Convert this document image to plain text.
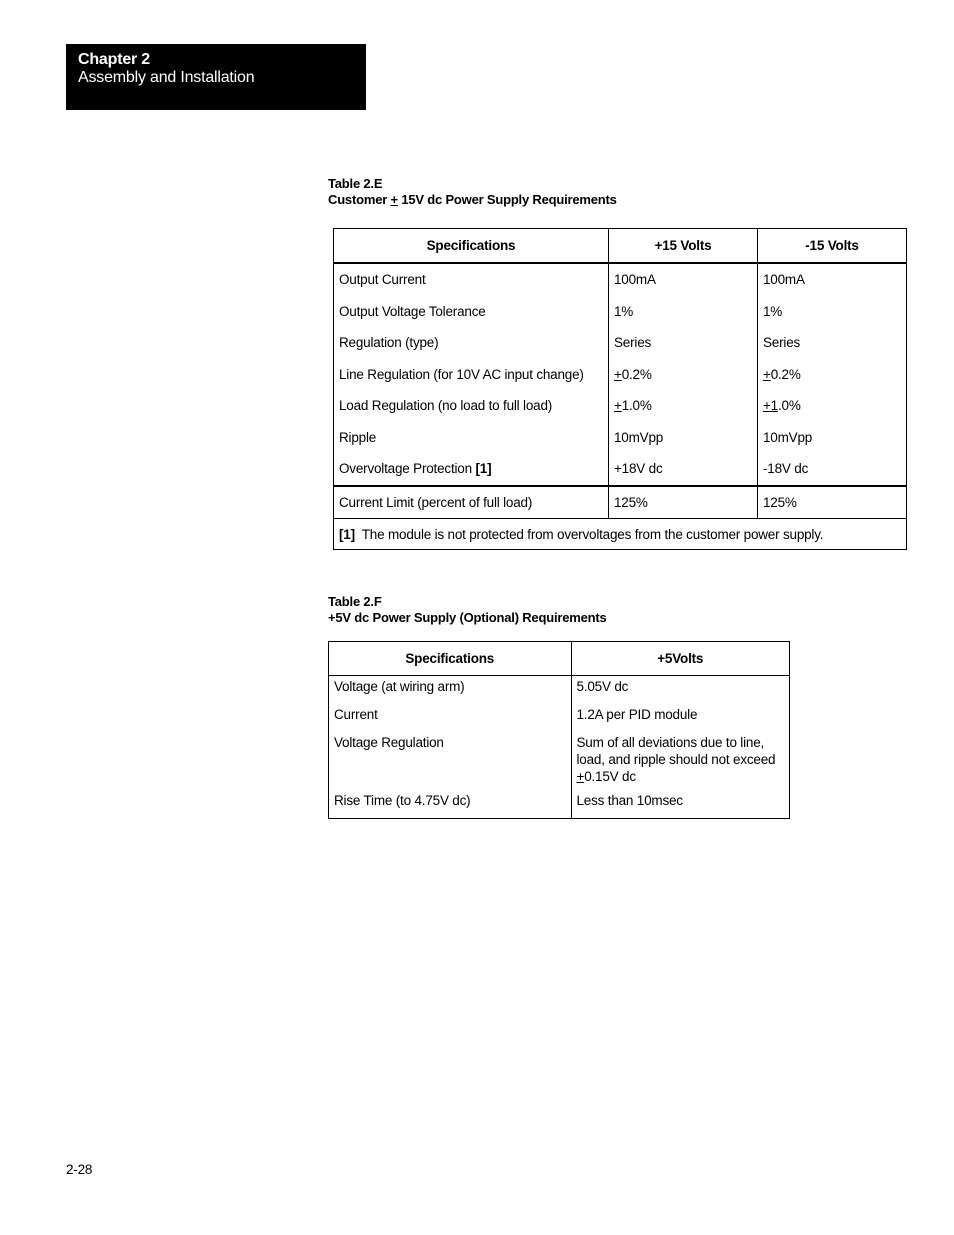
Chapter 2
Assembly and Installation
Table 2.E
Customer + 15V dc Power Supply Requirements
Specifications	+15 Volts	-15 Volts
Output Current	100mA	100mA
Output Voltage Tolerance	1%	1%
Regulation (type)	Series	Series
Line Regulation (for 10V AC input change)	+0.2%	+0.2%
Load Regulation (no load to full load)	+1.0%	+1.0%
Ripple	10mVpp	10mVpp
Overvoltage Protection [1]	+18V dc	-18V dc
Current Limit (percent of full load)	125%	125%
[1] The module is not protected from overvoltages from the customer power supply.		
Table 2.F
+5V dc Power Supply (Optional) Requirements
Specifications	+5Volts
Voltage (at wiring arm)	5.05V dc
Current	1.2A per PID module
Voltage Regulation	Sum of all deviations due to line, load, and ripple should not exceed
+0.15V dc
Rise Time (to 4.75V dc)	Less than 10msec
2-28
